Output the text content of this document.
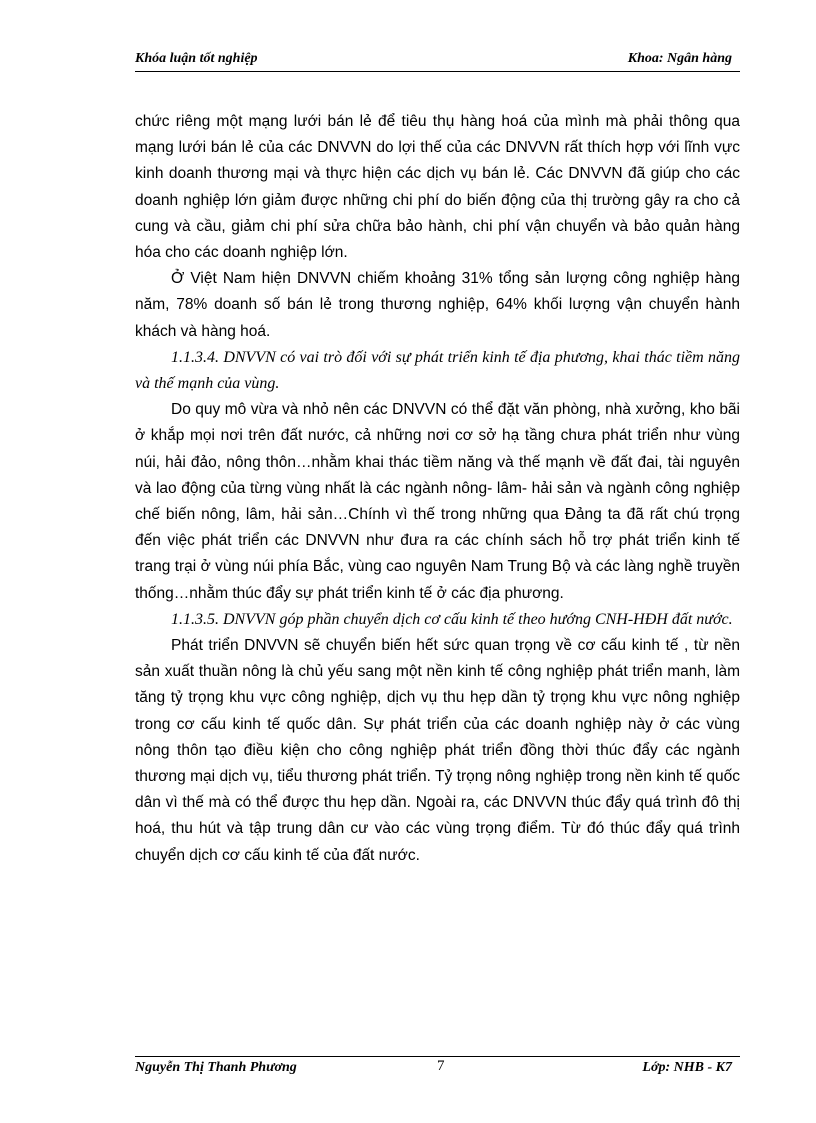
Khóa luận tốt nghiệp	Khoa: Ngân hàng

chức riêng một mạng lưới bán lẻ để tiêu thụ hàng hoá của mình mà phải thông qua mạng lưới bán lẻ của các DNVVN do lợi thế của các DNVVN rất thích hợp với lĩnh vực kinh doanh thương mại và thực hiện các dịch vụ bán lẻ. Các DNVVN đã giúp cho các doanh nghiệp lớn giảm được những chi phí do biến động của thị trường gây ra cho cả cung và cầu, giảm chi phí sửa chữa bảo hành, chi phí vận chuyển và bảo quản hàng hóa cho các doanh nghiệp lớn.

Ở Việt Nam hiện DNVVN chiếm khoảng 31% tổng sản lượng công nghiệp hàng năm, 78% doanh số bán lẻ trong thương nghiệp, 64% khối lượng vận chuyển hành khách và hàng hoá.

1.1.3.4. DNVVN có vai trò đối với sự phát triển kinh tế địa phương, khai thác tiềm năng và thế mạnh của vùng.

Do quy mô vừa và nhỏ nên các DNVVN có thể đặt văn phòng, nhà xưởng, kho bãi ở khắp mọi nơi trên đất nước, cả những nơi cơ sở hạ tầng chưa phát triển như vùng núi, hải đảo, nông thôn…nhằm khai thác tiềm năng và thế mạnh về đất đai, tài nguyên và lao động của từng vùng nhất là các ngành nông- lâm- hải sản và ngành công nghiệp chế biến nông, lâm, hải sản…Chính vì thế trong những qua Đảng ta đã rất chú trọng đến việc phát triển các DNVVN như đưa ra các chính sách hỗ trợ phát triển kinh tế trang trại ở vùng núi phía Bắc, vùng cao nguyên Nam Trung Bộ và các làng nghề truyền thống…nhằm thúc đẩy sự phát triển kinh tế ở các địa phương.

1.1.3.5. DNVVN góp phần chuyển dịch cơ cấu kinh tế theo hướng CNH-HĐH đất nước.

Phát triển DNVVN sẽ chuyển biến hết sức quan trọng về cơ cấu kinh tế , từ nền sản xuất thuần nông là chủ yếu sang một nền kinh tế công nghiệp phát triển manh, làm tăng tỷ trọng khu vực công nghiệp, dịch vụ thu hẹp dần tỷ trọng khu vực nông nghiệp trong cơ cấu kinh tế quốc dân. Sự phát triển của các doanh nghiệp này ở các vùng nông thôn tạo điều kiện cho công nghiệp phát triển đồng thời thúc đẩy các ngành thương mại dịch vụ, tiểu thương phát triển. Tỷ trọng nông nghiệp trong nền kinh tế quốc dân vì thế mà có thể được thu hẹp dần. Ngoài ra, các DNVVN thúc đẩy quá trình đô thị hoá, thu hút và tập trung dân cư vào các vùng trọng điểm. Từ đó thúc đẩy quá trình chuyển dịch cơ cấu kinh tế của đất nước.

Nguyễn Thị Thanh Phương	7	Lớp: NHB - K7
